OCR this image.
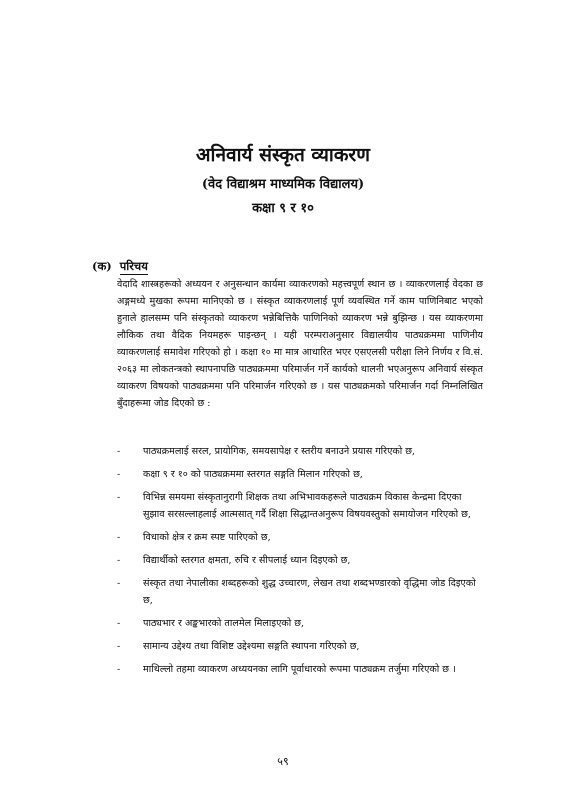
अनिवार्य संस्कृत व्याकरण
(वेद विद्याश्रम माध्यमिक विद्यालय)
कक्षा ९ र १०
(क) परिचय

वेदादि शास्त्रहरूको अध्ययन र अनुसन्धान कार्यमा व्याकरणको महत्त्वपूर्ण स्थान छ । व्याकरणलाई वेदका छ अङ्गमध्ये मुखका रूपमा मानिएको छ । संस्कृत व्याकरणलाई पूर्ण व्यवस्थित गर्ने काम पाणिनिबाट भएको हुनाले हालसम्म पनि संस्कृतको व्याकरण भन्नेबित्तिकै पाणिनिको व्याकरण भन्ने बुझिन्छ । यस व्याकरणमा लौकिक तथा वैदिक नियमहरू पाइन्छन् । यही परम्पराअनुसार विद्यालयीय पाठ्यक्रममा पाणिनीय व्याकरणलाई समावेश गरिएको हो । कक्षा १० मा मात्र आधारित भएर एसएलसी परीक्षा लिने निर्णय र वि.सं. २०६३ मा लोकतन्त्रको स्थापनापछि पाठ्यक्रममा परिमार्जन गर्ने कार्यको थालनी भएअनुरूप अनिवार्य संस्कृत व्याकरण विषयको पाठ्यक्रममा पनि परिमार्जन गरिएको छ । यस पाठ्यक्रमको परिमार्जन गर्दा निम्नलिखित बुँदाहरूमा जोड दिएको छ :

- पाठ्यक्रमलाई सरल, प्रायोगिक, समयसापेक्ष र स्तरीय बनाउने प्रयास गरिएको छ,
- कक्षा ९ र १० को पाठ्यक्रममा स्तरगत सङ्गति मिलान गरिएको छ,
- विभिन्न समयमा संस्कृतानुरागी शिक्षक तथा अभिभावकहरूले पाठ्यक्रम विकास केन्द्रमा दिएका सुझाव सरसल्लाहलाई आत्मसात् गर्दै शिक्षा सिद्धान्तअनुरूप विषयवस्तुको समायोजन गरिएको छ,
- विधाको क्षेत्र र क्रम स्पष्ट पारिएको छ,
- विद्यार्थीको स्तरगत क्षमता, रुचि र सीपलाई ध्यान दिइएको छ,
- संस्कृत तथा नेपालीका शब्दहरूको शुद्ध उच्चारण, लेखन तथा शब्दभण्डारको वृद्धिमा जोड दिइएको छ,
- पाठ्यभार र अङ्कभारको तालमेल मिलाइएको छ,
- सामान्य उद्देश्य तथा विशिष्ट उद्देश्यमा सङ्गति स्थापना गरिएको छ,
- माथिल्लो तहमा व्याकरण अध्ययनका लागि पूर्वाधारको रूपमा पाठ्यक्रम तर्जुमा गरिएको छ ।
५९
